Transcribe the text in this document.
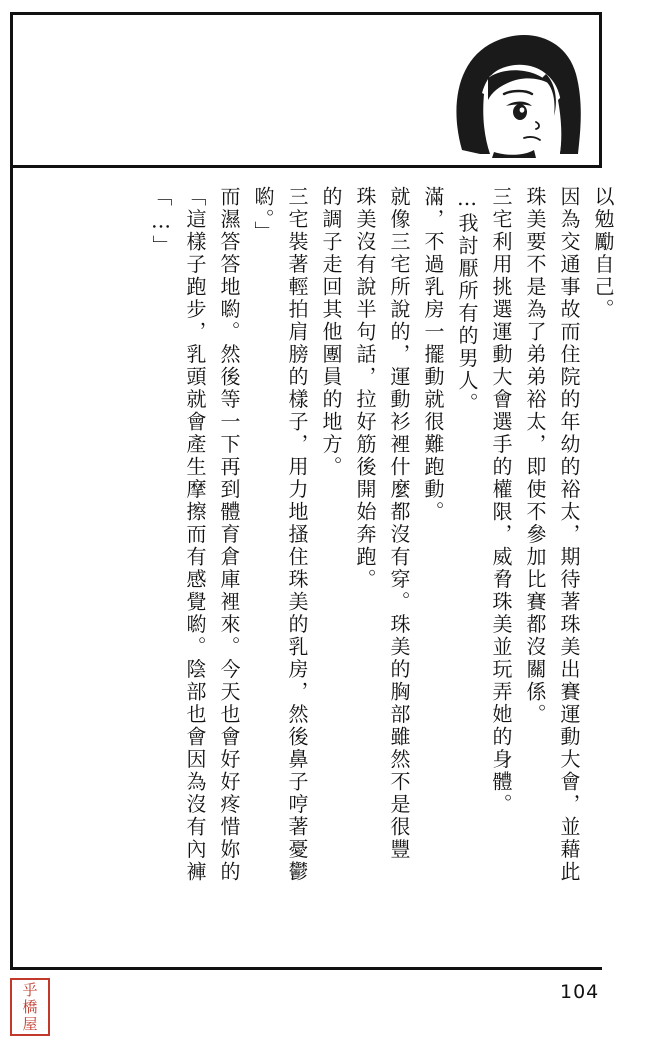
「…」 「這樣子跑步，乳頭就會產生摩擦而有感覺喲。陰部也會因為沒有內褲 而濕答答地喲。然後等一下再到體育倉庫裡來。今天也會好好疼惜妳的 喲。」 三宅裝著輕拍肩膀的樣子，用力地搔住珠美的乳房，然後鼻子哼著憂鬱 的調子走回其他團員的地方。 珠美沒有說半句話，拉好筋後開始奔跑。 就像三宅所說的，運動衫裡什麼都沒有穿。珠美的胸部雖然不是很豐 滿，不過乳房一擺動就很難跑動。 …我討厭所有的男人。 三宅利用挑選運動大會選手的權限，威脅珠美並玩弄她的身體。 珠美要不是為了弟弟裕太，即使不參加比賽都沒關係。 因為交通事故而住院的年幼的裕太，期待著珠美出賽運動大會，並藉此 以勉勵自己。
104
乎
橋
屋
